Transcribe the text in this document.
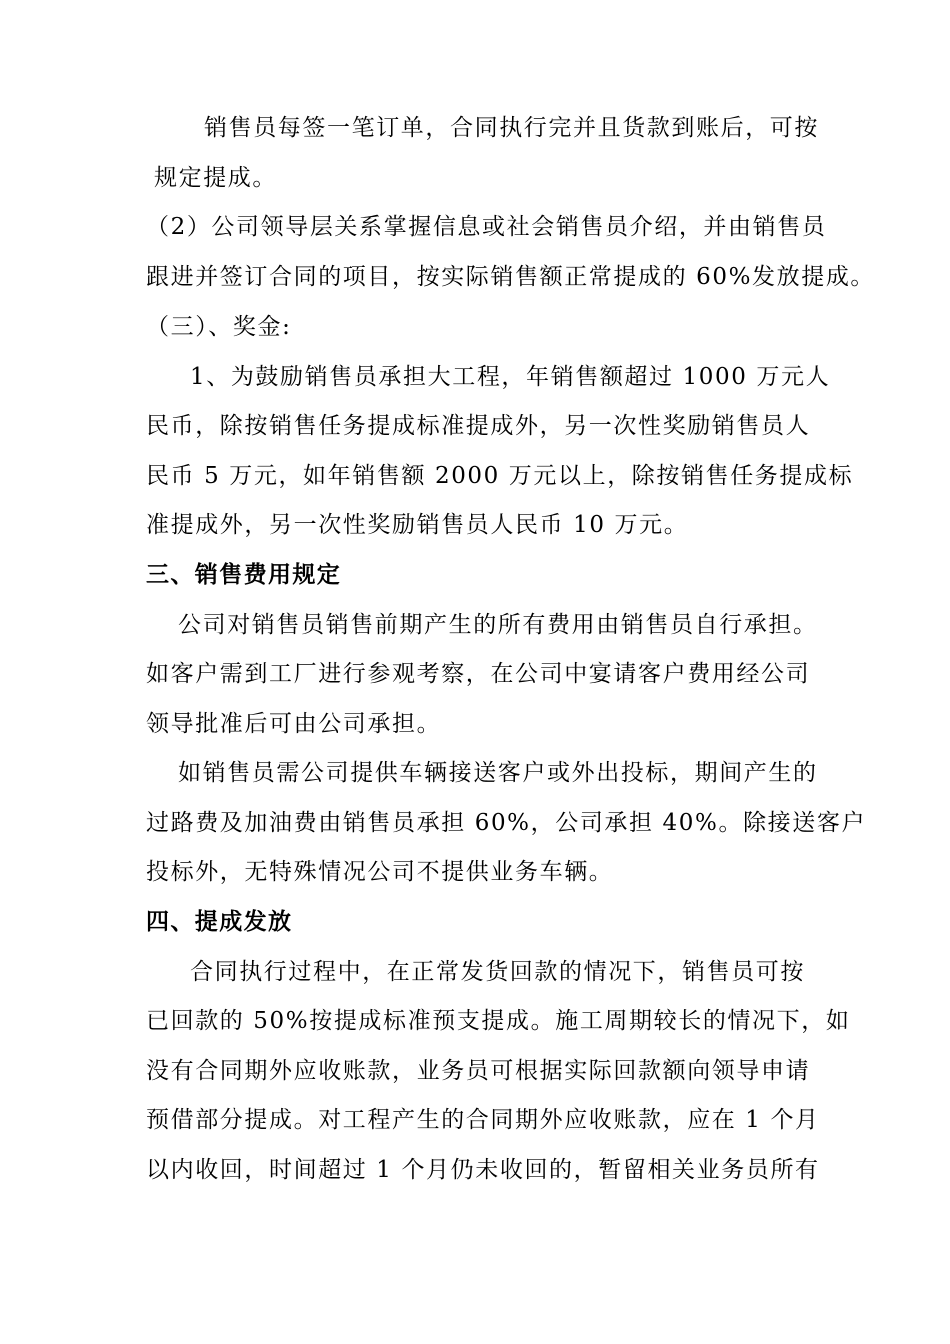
销售员每签一笔订单，合同执行完并且货款到账后，可按
规定提成。
（2）公司领导层关系掌握信息或社会销售员介绍，并由销售员
跟进并签订合同的项目，按实际销售额正常提成的 60%发放提成。
（三）、奖金:
1、为鼓励销售员承担大工程，年销售额超过 1000 万元人
民币，除按销售任务提成标准提成外，另一次性奖励销售员人
民币 5 万元，如年销售额 2000 万元以上，除按销售任务提成标
准提成外，另一次性奖励销售员人民币 10 万元。
三、销售费用规定
公司对销售员销售前期产生的所有费用由销售员自行承担。
如客户需到工厂进行参观考察，在公司中宴请客户费用经公司
领导批准后可由公司承担。
如销售员需公司提供车辆接送客户或外出投标，期间产生的
过路费及加油费由销售员承担 60%，公司承担 40%。除接送客户
投标外，无特殊情况公司不提供业务车辆。
四、提成发放
合同执行过程中，在正常发货回款的情况下，销售员可按
已回款的 50%按提成标准预支提成。施工周期较长的情况下，如
没有合同期外应收账款，业务员可根据实际回款额向领导申请
预借部分提成。对工程产生的合同期外应收账款，应在 1 个月
以内收回，时间超过 1 个月仍未收回的，暂留相关业务员所有
